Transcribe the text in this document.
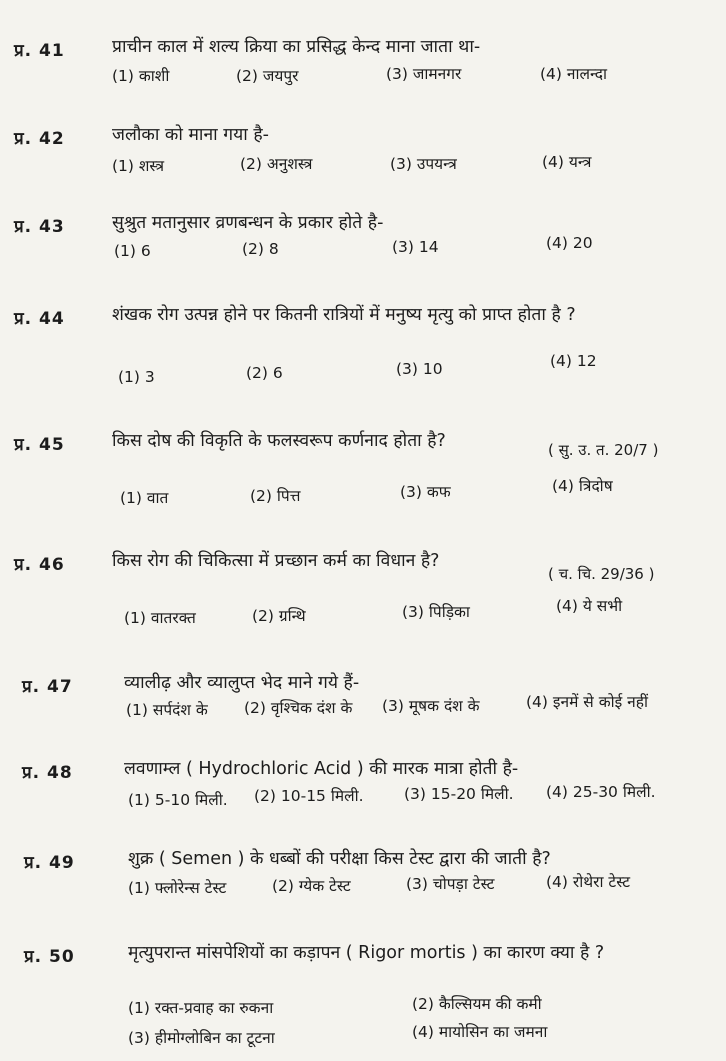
प्र. 41	प्राचीन काल में शल्य क्रिया का प्रसिद्ध केन्द माना जाता था-
(1) काशी	(2) जयपुर	(3) जामनगर	(4) नालन्दा
प्र. 42	जलौका को माना गया है-
(1) शस्त्र	(2) अनुशस्त्र	(3) उपयन्त्र	(4) यन्त्र
प्र. 43	सुश्रुत मतानुसार व्रणबन्धन के प्रकार होते है-
(1) 6	(2) 8	(3) 14	(4) 20
प्र. 44	शंखक रोग उत्पन्न होने पर कितनी रात्रियों में मनुष्य मृत्यु को प्राप्त होता है ?
(1) 3	(2) 6	(3) 10	(4) 12
प्र. 45	किस दोष की विकृति के फलस्वरूप कर्णनाद होता है?	( सु. उ. त. 20/7 )
(1) वात	(2) पित्त	(3) कफ	(4) त्रिदोष
प्र. 46	किस रोग की चिकित्सा में प्रच्छान कर्म का विधान है?
( च. चि. 29/36 )
(1) वातरक्त	(2) ग्रन्थि	(3) पिड़िका	(4) ये सभी
प्र. 47	व्यालीढ़ और व्यालुप्त भेद माने गये हैं-
(1) सर्पदंश के (2) वृश्चिक दंश के (3) मूषक दंश के	(4) इनमें से कोई नहीं
प्र. 48	लवणाम्ल ( Hydrochloric Acid ) की मारक मात्रा होती है-
(1) 5-10 मिली. (2) 10-15 मिली.	(3) 15-20 मिली. (4) 25-30 मिली.
प्र. 49	शुक्र ( Semen ) के धब्बों की परीक्षा किस टेस्ट द्वारा की जाती है?
(1) फ्लोरेन्स टेस्ट	(2) ग्येक टेस्ट	(3) चोपड़ा टेस्ट	(4) रोथेरा टेस्ट
प्र. 50	मृत्युपरान्त मांसपेशियों का कड़ापन ( Rigor mortis ) का कारण क्या है ?
(1) रक्त-प्रवाह का रुकना	(2) कैल्सियम की कमी
(3) हीमोग्लोबिन का टूटना	(4) मायोसिन का जमना
